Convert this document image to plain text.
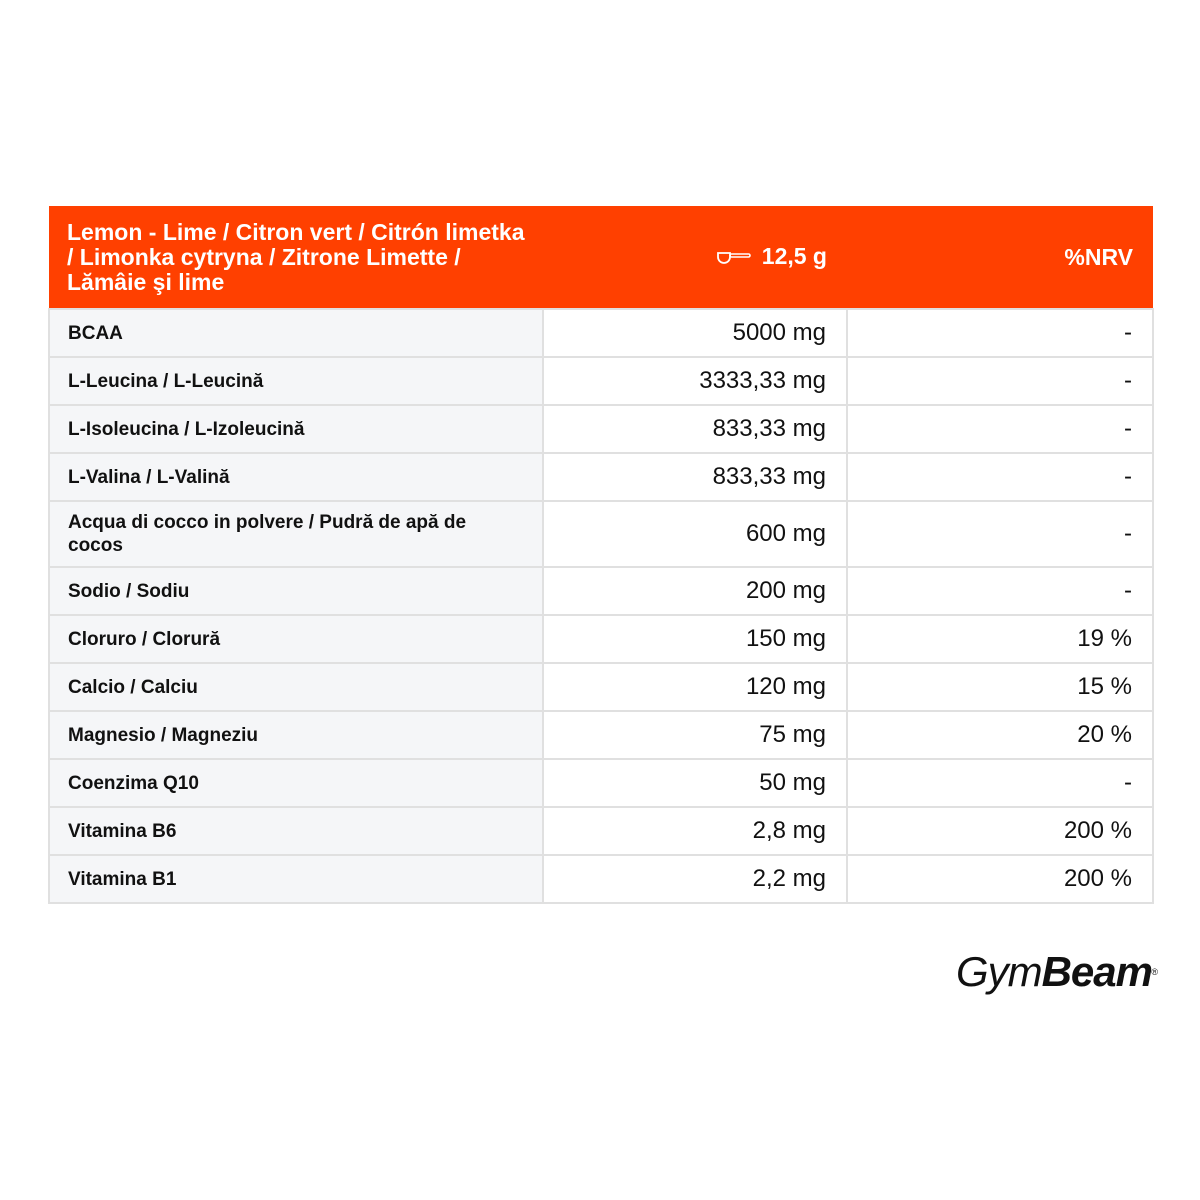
Lemon - Lime / Citron vert / Citrón limetka / Limonka cytryna / Zitrone Limette / Lămâie şi lime	12,5 g	%NRV
BCAA	5000 mg	-
L-Leucina / L-Leucină	3333,33 mg	-
L-Isoleucina / L-Izoleucină	833,33 mg	-
L-Valina / L-Valină	833,33 mg	-
Acqua di cocco in polvere / Pudră de apă de cocos	600 mg	-
Sodio / Sodiu	200 mg	-
Cloruro / Clorură	150 mg	19 %
Calcio / Calciu	120 mg	15 %
Magnesio / Magneziu	75 mg	20 %
Coenzima Q10	50 mg	-
Vitamina B6	2,8 mg	200 %
Vitamina B1	2,2 mg	200 %
GymBeam ®
